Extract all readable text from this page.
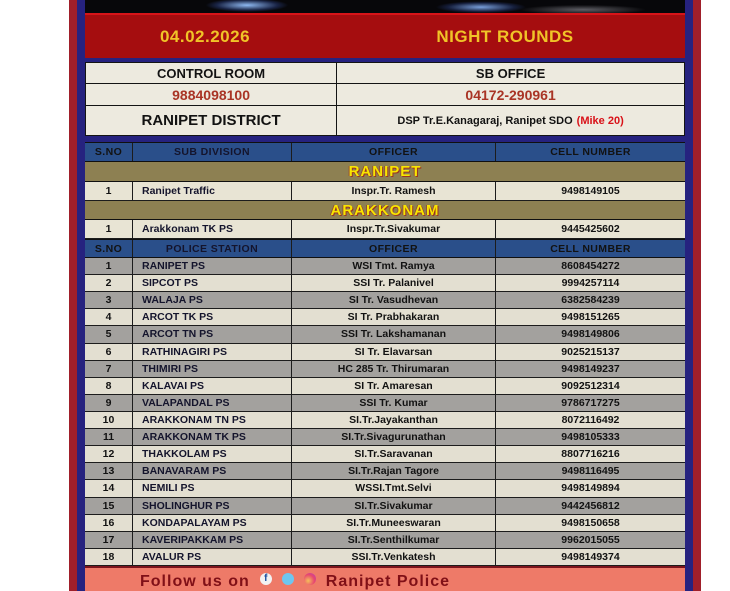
04.02.2026	NIGHT ROUNDS
CONTROL ROOM	SB OFFICE
9884098100	04172-290961
RANIPET DISTRICT	DSP Tr.E.Kanagaraj, Ranipet SDO (Mike 20)
S.NO	SUB DIVISION	OFFICER	CELL NUMBER
RANIPET
1	Ranipet Traffic	Inspr.Tr. Ramesh	9498149105
ARAKKONAM
1	Arakkonam TK PS	Inspr.Tr.Sivakumar	9445425602
S.NO	POLICE STATION	OFFICER	CELL NUMBER
1	RANIPET PS	WSI Tmt. Ramya	8608454272
2	SIPCOT PS	SSI Tr. Palanivel	9994257114
3	WALAJA PS	SI Tr. Vasudhevan	6382584239
4	ARCOT TK PS	SI Tr. Prabhakaran	9498151265
5	ARCOT TN PS	SSI Tr. Lakshamanan	9498149806
6	RATHINAGIRI PS	SI Tr. Elavarsan	9025215137
7	THIMIRI PS	HC 285 Tr. Thirumaran	9498149237
8	KALAVAI PS	SI Tr. Amaresan	9092512314
9	VALAPANDAL PS	SSI Tr. Kumar	9786717275
10	ARAKKONAM TN PS	SI.Tr.Jayakanthan	8072116492
11	ARAKKONAM TK PS	SI.Tr.Sivagurunathan	9498105333
12	THAKKOLAM PS	SI.Tr.Saravanan	8807716216
13	BANAVARAM PS	SI.Tr.Rajan Tagore	9498116495
14	NEMILI PS	WSSI.Tmt.Selvi	9498149894
15	SHOLINGHUR PS	SI.Tr.Sivakumar	9442456812
16	KONDAPALAYAM PS	SI.Tr.Muneeswaran	9498150658
17	KAVERIPAKKAM PS	SI.Tr.Senthilkumar	9962015055
18	AVALUR PS	SSI.Tr.Venkatesh	9498149374
Follow us on	f	Ranipet Police
